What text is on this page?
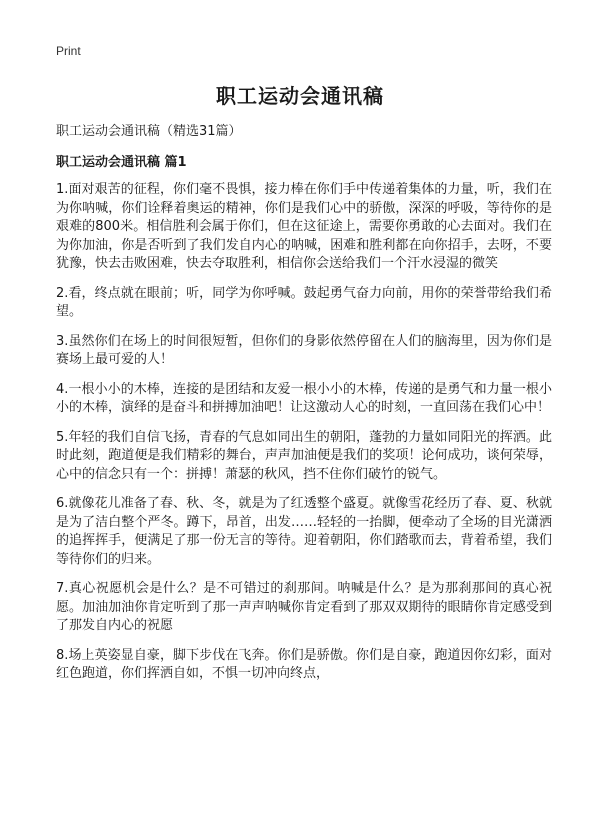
Print
职工运动会通讯稿
职工运动会通讯稿（精选31篇）
职工运动会通讯稿 篇1

1.面对艰苦的征程，你们毫不畏惧，接力棒在你们手中传递着集体的力量，听，我们在为你呐喊，你们诠释着奥运的精神，你们是我们心中的骄傲，深深的呼吸，等待你的是艰难的800米。相信胜利会属于你们，但在这征途上，需要你勇敢的心去面对。我们在为你加油，你是否听到了我们发自内心的呐喊，困难和胜利都在向你招手，去呀，不要犹豫，快去击败困难，快去夺取胜利，相信你会送给我们一个汗水浸湿的微笑

2.看，终点就在眼前；听，同学为你呼喊。鼓起勇气奋力向前，用你的荣誉带给我们希望。

3.虽然你们在场上的时间很短暂，但你们的身影依然停留在人们的脑海里，因为你们是赛场上最可爱的人！

4.一根小小的木棒，连接的是团结和友爱一根小小的木棒，传递的是勇气和力量一根小小的木棒，演绎的是奋斗和拼搏加油吧！让这激动人心的时刻，一直回荡在我们心中！

5.年轻的我们自信飞扬，青春的气息如同出生的朝阳，蓬勃的力量如同阳光的挥洒。此时此刻，跑道便是我们精彩的舞台，声声加油便是我们的奖项！论何成功，谈何荣辱，心中的信念只有一个：拼搏！萧瑟的秋风，挡不住你们破竹的锐气。

6.就像花儿准备了春、秋、冬，就是为了红透整个盛夏。就像雪花经历了春、夏、秋就是为了洁白整个严冬。蹲下，昂首，出发……轻轻的一抬脚，便牵动了全场的目光潇洒的追挥挥手，便满足了那一份无言的等待。迎着朝阳，你们踏歌而去，背着希望，我们等待你们的归来。

7.真心祝愿机会是什么？是不可错过的刹那间。呐喊是什么？是为那刹那间的真心祝愿。加油加油你肯定听到了那一声声呐喊你肯定看到了那双双期待的眼睛你肯定感受到了那发自内心的祝愿

8.场上英姿显自豪，脚下步伐在飞奔。你们是骄傲。你们是自豪，跑道因你幻彩，面对红色跑道，你们挥洒自如，不惧一切冲向终点，
